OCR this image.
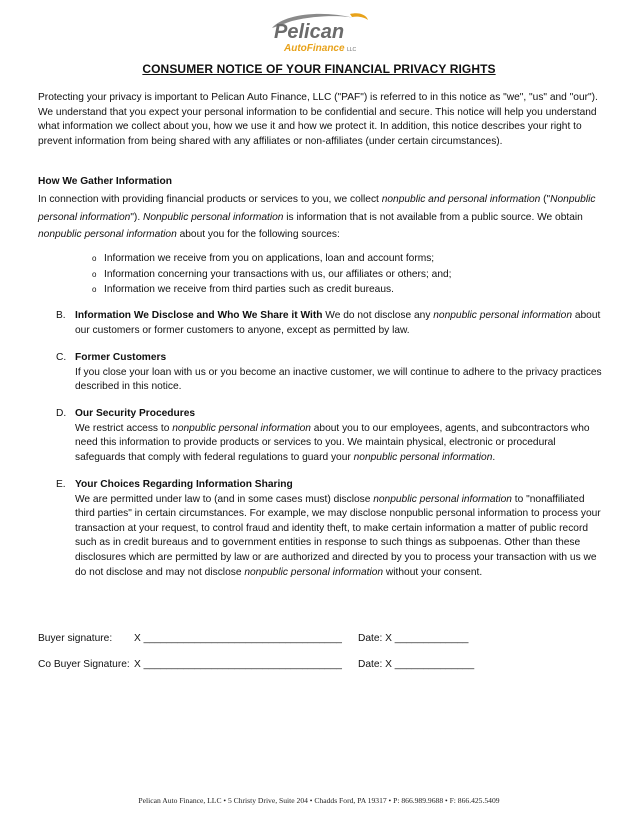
Pelican
AutoFinance LLC
CONSUMER NOTICE OF YOUR FINANCIAL PRIVACY RIGHTS
Protecting your privacy is important to Pelican Auto Finance, LLC ("PAF") is referred to in this notice as "we", "us" and "our"). We understand that you expect your personal information to be confidential and secure. This notice will help you understand what information we collect about you, how we use it and how we protect it. In addition, this notice describes your right to prevent information from being shared with any affiliates or non-affiliates (under certain circumstances).
How We Gather Information
In connection with providing financial products or services to you, we collect nonpublic and personal information ("Nonpublic personal information"). Nonpublic personal information is information that is not available from a public source. We obtain nonpublic personal information about you for the following sources:
o Information we receive from you on applications, loan and account forms;
o Information concerning your transactions with us, our affiliates or others; and;
o Information we receive from third parties such as credit bureaus.
B. Information We Disclose and Who We Share it With We do not disclose any nonpublic personal information about our customers or former customers to anyone, except as permitted by law.
C. Former Customers
If you close your loan with us or you become an inactive customer, we will continue to adhere to the privacy practices described in this notice.
D. Our Security Procedures
We restrict access to nonpublic personal information about you to our employees, agents, and subcontractors who need this information to provide products or services to you. We maintain physical, electronic or procedural safeguards that comply with federal regulations to guard your nonpublic personal information.
E. Your Choices Regarding Information Sharing
We are permitted under law to (and in some cases must) disclose nonpublic personal information to "nonaffiliated third parties" in certain circumstances. For example, we may disclose nonpublic personal information to process your transaction at your request, to control fraud and identity theft, to make certain information a matter of public record such as in credit bureaus and to government entities in response to such things as subpoenas. Other than these disclosures which are permitted by law or are authorized and directed by you to process your transaction with us we do not disclose and may not disclose nonpublic personal information without your consent.
Buyer signature: X ___________________________________ Date: X _____________
Co Buyer Signature: X ___________________________________ Date: X ______________
Pelican Auto Finance, LLC • 5 Christy Drive, Suite 204 • Chadds Ford, PA 19317 • P: 866.989.9688 • F: 866.425.5409
